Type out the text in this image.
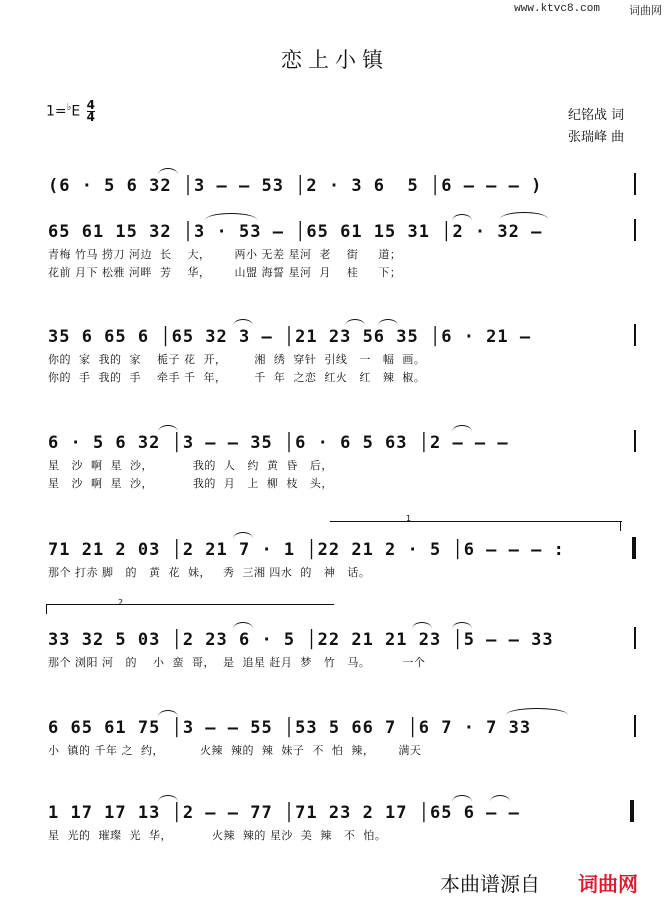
www.ktvc8.com	词曲网
恋上小镇
$1=^♭E \frac{4}{4}$	纪铭战 词
张瑞峰 曲
(6 · 5 6 32 │3 – – 53 │2 · 3 6  5 │6 – – – )
65 61 15 32 │3 · 53 – │65 61 15 31 │2 · 32 –
青梅 竹马 捞刀 河边  长    大，      两小 无差 星河  老    街     道；
花前 月下 松雅 河畔  芳    华，      山盟 海誓 星河  月    桂     下；
35 6 65 6 │65 32 3 – │21 23 56 35 │6 · 21 –
你的  家  我的  家    栀子 花  开，       湘  绣  穿针  引线   一   幅  画。
你的  手  我的  手    牵手 千  年，       千  年  之恋  红火   红   辣  椒。
6 · 5 6 32 │3 – – 35 │6 · 6 5 63 │2 – – –
星   沙  啊  星  沙，          我的  人   约  黄  昏   后，
星   沙  啊  星  沙，          我的  月   上  柳  枝   头，
1
71 21 2 03 │2 21 7 · 1 │22 21 2 · 5 │6 – – – :
那个 打赤 脚   的   黄  花  妹，   秀  三湘 四水  的   神   话。
2
33 32 5 03 │2 23 6 · 5 │22 21 21 23 │5 – – 33
那个 浏阳 河   的    小  蛮  哥，  是  追星 赶月  梦   竹   马。        一个
6 65 61 75 │3 – – 55 │53 5 66 7 │6 7 · 7 33
小  镇的 千年 之  约，         火辣  辣的  辣  妹子  不  怕  辣，      满天
1 17 17 13 │2 – – 77 │71 23 2 17 │65 6 – –
星  光的  璀璨  光  华，          火辣  辣的 星沙  美  辣   不  怕。
本曲谱源自 词曲网
